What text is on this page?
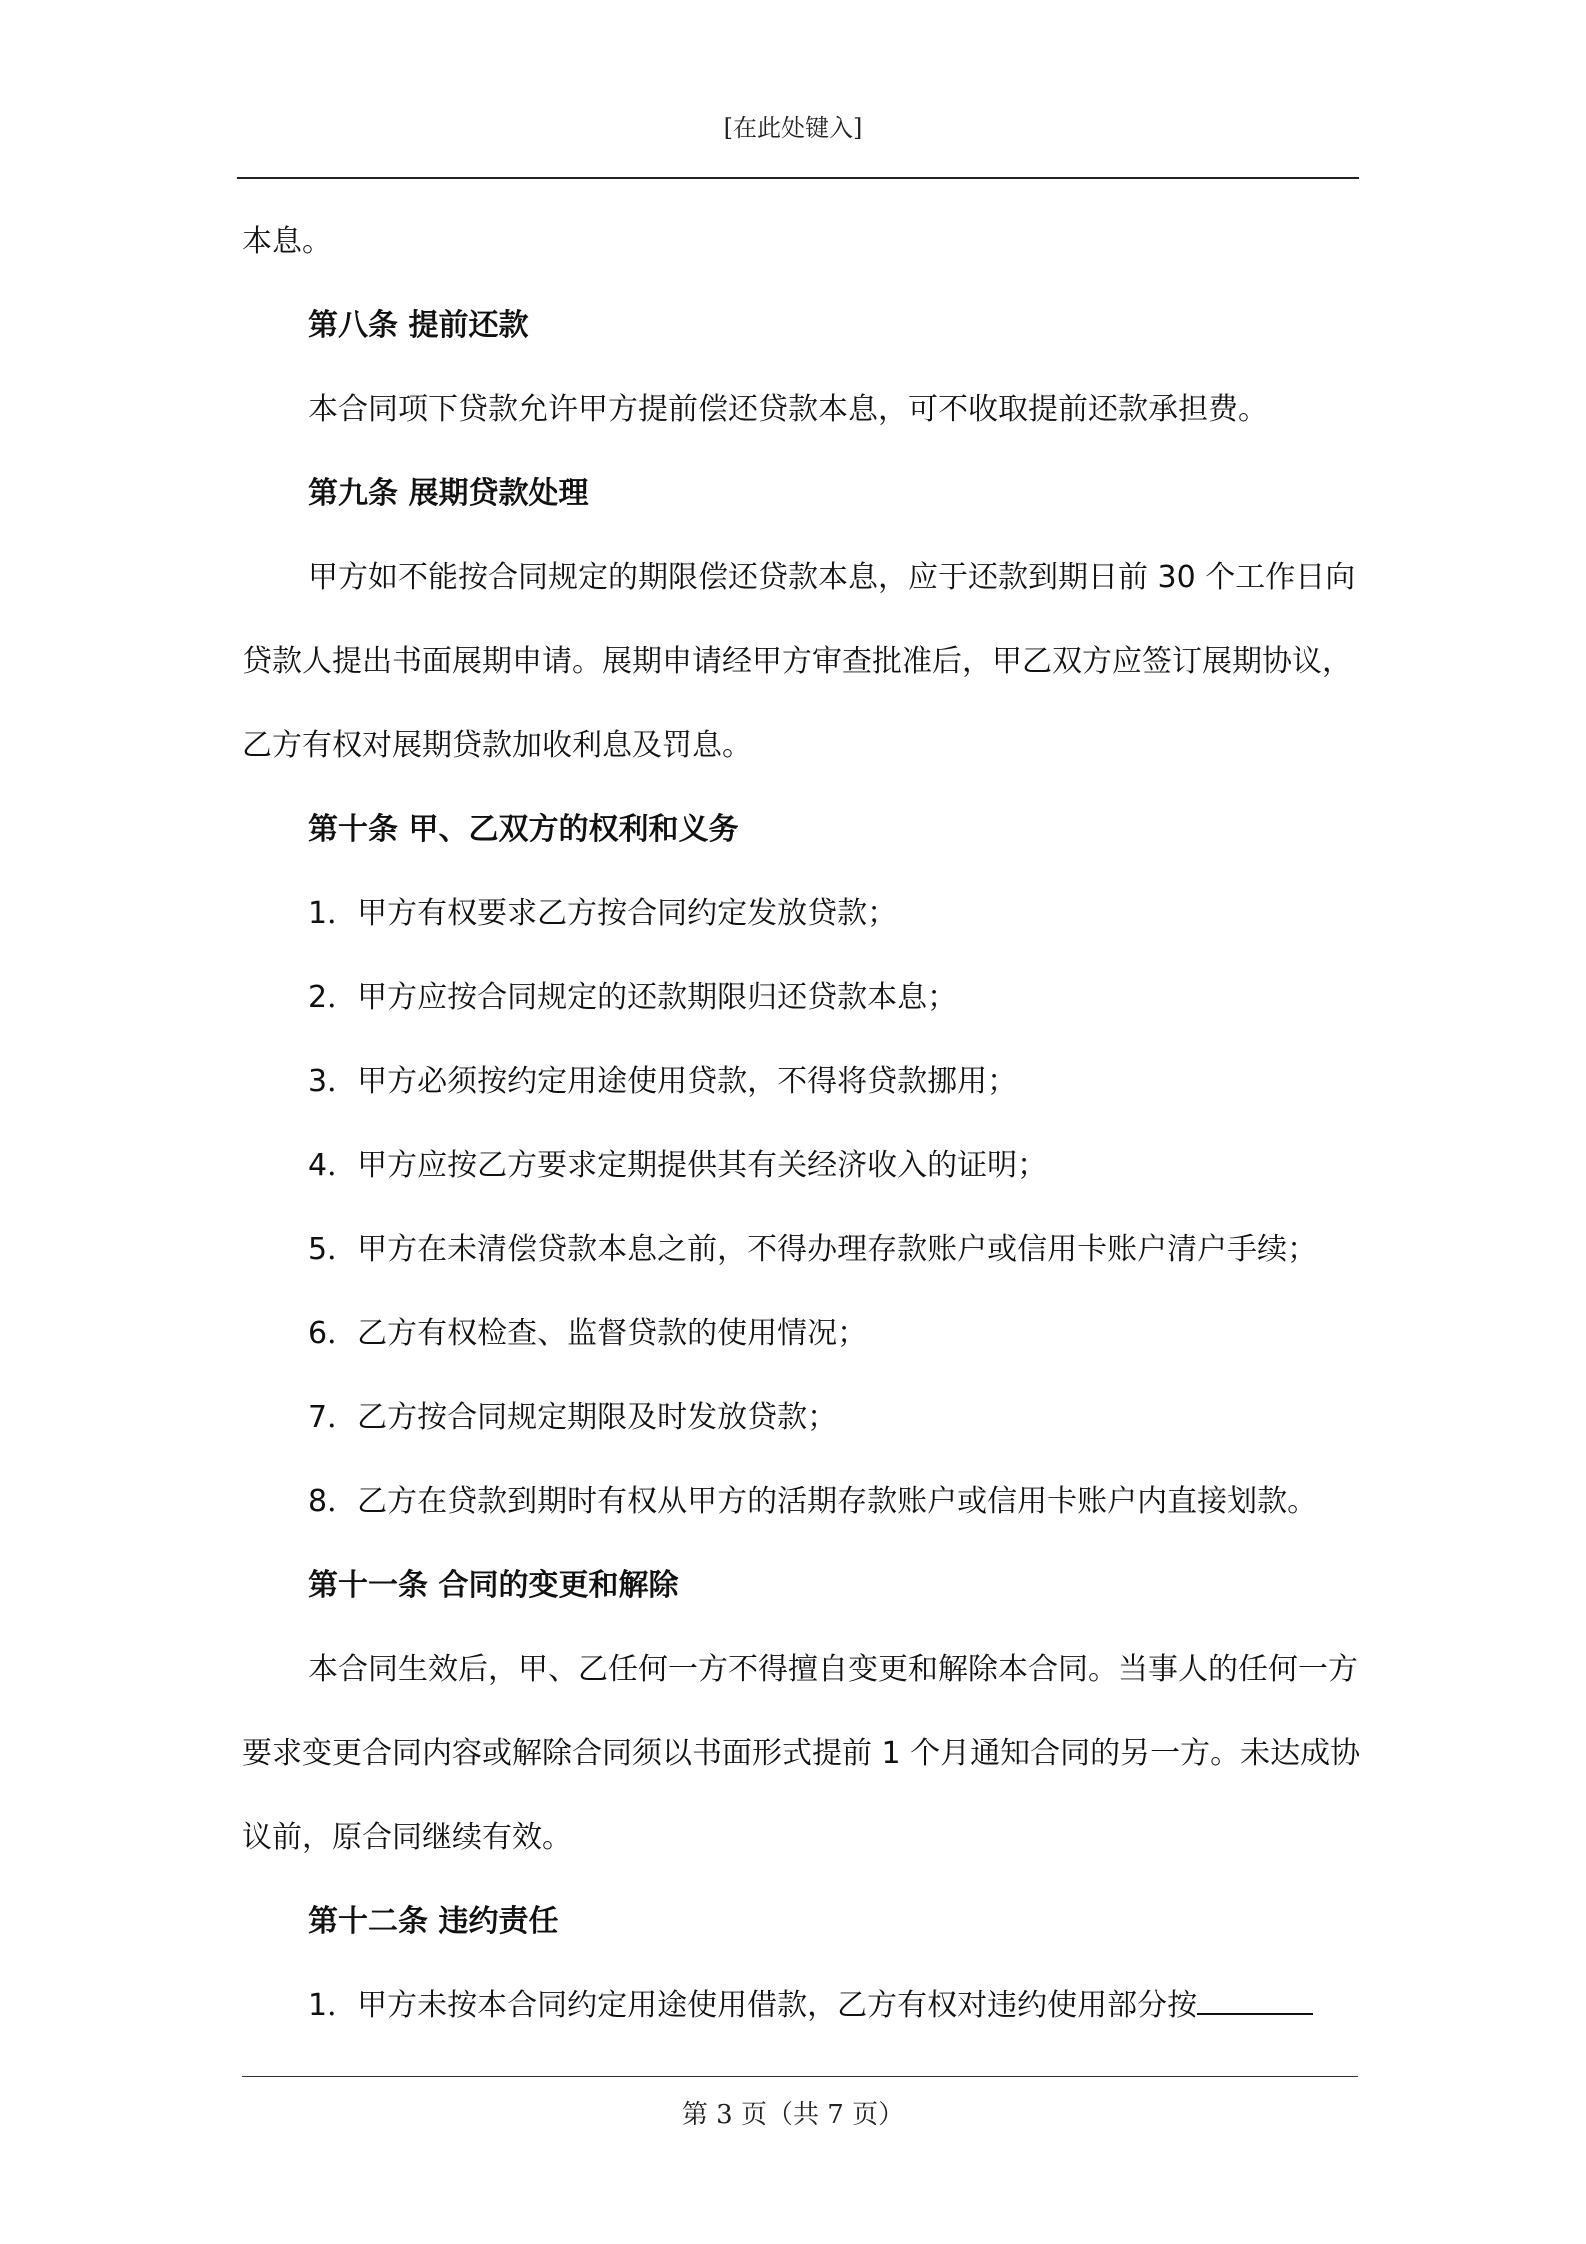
[在此处键入]

本息。

第八条 提前还款

本合同项下贷款允许甲方提前偿还贷款本息，可不收取提前还款承担费。

第九条 展期贷款处理

甲方如不能按合同规定的期限偿还贷款本息，应于还款到期日前 30 个工作日向贷款人提出书面展期申请。展期申请经甲方审查批准后，甲乙双方应签订展期协议，乙方有权对展期贷款加收利息及罚息。

第十条 甲、乙双方的权利和义务

1．甲方有权要求乙方按合同约定发放贷款；

2．甲方应按合同规定的还款期限归还贷款本息；

3．甲方必须按约定用途使用贷款，不得将贷款挪用；

4．甲方应按乙方要求定期提供其有关经济收入的证明；

5．甲方在未清偿贷款本息之前，不得办理存款账户或信用卡账户清户手续；

6．乙方有权检查、监督贷款的使用情况；

7．乙方按合同规定期限及时发放贷款；

8．乙方在贷款到期时有权从甲方的活期存款账户或信用卡账户内直接划款。

第十一条 合同的变更和解除

本合同生效后，甲、乙任何一方不得擅自变更和解除本合同。当事人的任何一方要求变更合同内容或解除合同须以书面形式提前 1 个月通知合同的另一方。未达成协议前，原合同继续有效。

第十二条 违约责任

1．甲方未按本合同约定用途使用借款，乙方有权对违约使用部分按

第 3 页（共 7 页）
